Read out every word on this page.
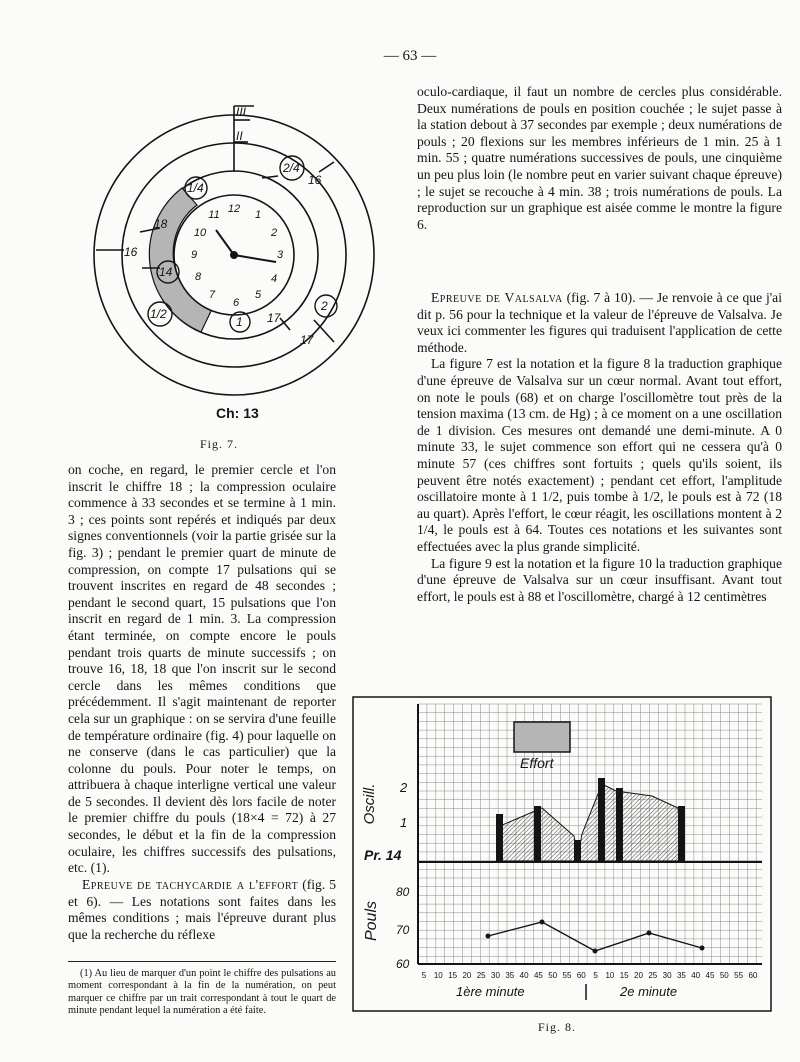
— 63 —
III
II
2/4
16
1/4
18
14
16
1/2
1 17
2
17
12 1
2
3
4
5
6
7
8
9
10
11
Ch: 13
Fig. 7.

on coche, en regard, le premier cercle et l'on inscrit le chiffre 18 ; la compression oculaire commence à 33 secondes et se termine à 1 min. 3 ; ces points sont repérés et indiqués par deux signes conventionnels (voir la partie grisée sur la fig. 3) ; pendant le premier quart de minute de compression, on compte 17 pulsations qui se trouvent inscrites en regard de 48 secondes ; pendant le second quart, 15 pulsations que l'on inscrit en regard de 1 min. 3. La compression étant terminée, on compte encore le pouls pendant trois quarts de minute successifs ; on trouve 16, 18, 18 que l'on inscrit sur le second cercle dans les mêmes conditions que précédemment. Il s'agit maintenant de reporter cela sur un graphique : on se servira d'une feuille de température ordinaire (fig. 4) pour laquelle on ne conserve (dans le cas particulier) que la colonne du pouls. Pour noter le temps, on attribuera à chaque interligne vertical une valeur de 5 secondes. Il devient dès lors facile de noter le premier chiffre du pouls (18×4 = 72) à 27 secondes, le début et la fin de la compression oculaire, les chiffres successifs des pulsations, etc. (1).

Epreuve de tachycardie a l'effort (fig. 5 et 6). — Les notations sont faites dans les mêmes conditions ; mais l'épreuve durant plus que la recherche du réflexe

(1) Au lieu de marquer d'un point le chiffre des pulsations au moment correspondant à la fin de la numération, on peut marquer ce chiffre par un trait correspondant à tout le quart de minute pendant lequel la numération a été faite.

oculo-cardiaque, il faut un nombre de cercles plus considérable. Deux numérations de pouls en position couchée ; le sujet passe à la station debout à 37 secondes par exemple ; deux numérations de pouls ; 20 flexions sur les membres inférieurs de 1 min. 25 à 1 min. 55 ; quatre numérations successives de pouls, une cinquième un peu plus loin (le nombre peut en varier suivant chaque épreuve) ; le sujet se recouche à 4 min. 38 ; trois numérations de pouls. La reproduction sur un graphique est aisée comme le montre la figure 6.

Epreuve de Valsalva (fig. 7 à 10). — Je renvoie à ce que j'ai dit p. 56 pour la technique et la valeur de l'épreuve de Valsalva. Je veux ici commenter les figures qui traduisent l'application de cette méthode.

La figure 7 est la notation et la figure 8 la traduction graphique d'une épreuve de Valsalva sur un cœur normal. Avant tout effort, on note le pouls (68) et on charge l'oscillomètre tout près de la tension maxima (13 cm. de Hg) ; à ce moment on a une oscillation de 1 division. Ces mesures ont demandé une demi-minute. A 0 minute 33, le sujet commence son effort qui ne cessera qu'à 0 minute 57 (ces chiffres sont fortuits ; quels qu'ils soient, ils peuvent être notés exactement) ; pendant cet effort, l'amplitude oscillatoire monte à 1 1/2, puis tombe à 1/2, le pouls est à 72 (18 au quart). Après l'effort, le cœur réagit, les oscillations montent à 2 1/4, le pouls est à 64. Toutes ces notations et les suivantes sont effectuées avec la plus grande simplicité.

La figure 9 est la notation et la figure 10 la traduction graphique d'une épreuve de Valsalva sur un cœur insuffisant. Avant tout effort, le pouls est à 88 et l'oscillomètre, chargé à 12 centimètres

Effort
Oscill. 2
1
Pr. 14
Pouls
80
70
60
1ère minute	2e minute
5 10 15 20 25 30 35 40 45 50 55 60 5 10 15 20 25 30 35 40 45 50 55 60
Fig. 8.
